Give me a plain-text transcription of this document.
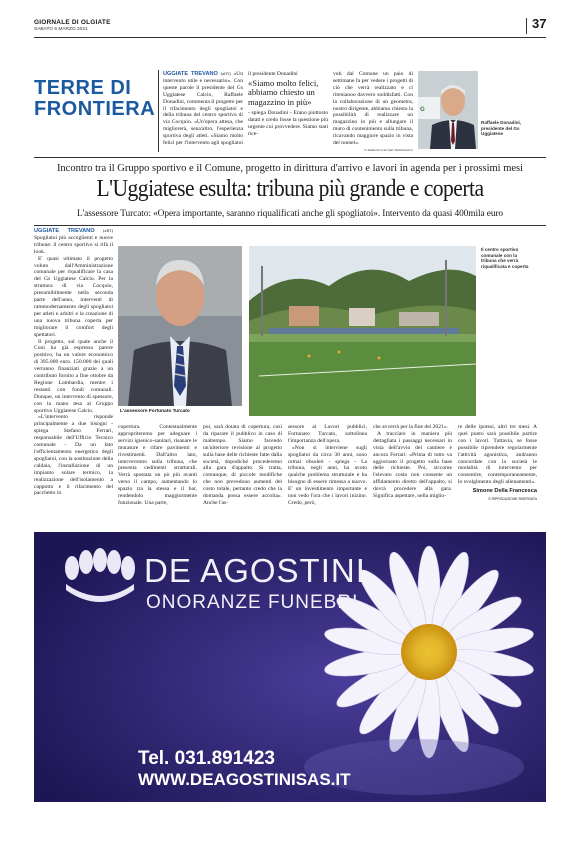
GIORNALE DI OLGIATE
SABATO 6 MARZO 2021	37
TERRE DI
FRONTIERA
UGGIATE TREVANO (afl1) «Un intervento utile e necessario». Con queste parole il presidente del Gs Uggiatese Calcio, Raffaele Donadini, commenta il progetto per il rifacimento degli spogliatoi e della tribuna del centro sportivo di via Cocquio. «Un'opera attesa, che migliorerà, sena'altro, l'esperienza sportiva degli atleti. «Siamo molto felici per l'intervento agli spogliatoi
il presidente Donadini
«Siamo molto felici, abbiamo chiesto un magazzino in più»
- spiega Donadini - Erano piuttosto datati e credo fosse la questione più urgente cui provvedere. Siamo stati rice-
vuti dal Comune un paio di settimane fa per vedere i progetti di ciò che verrà realizzato e ci ritenianoo davvero soddisfatti. Con la collaborazione di un geometra, nostro dirigente, abbiamo chiesto la possibilità di realizzare un magazzino in più e allungare il muro di contenimento sulla tribuna, ricavando maggiore spazio in vista del tunnel».
© RIPRODUZIONE RISERVATA
G
Raffaele Donadini, presidente del Gs Uggiatese
Incontro tra il Gruppo sportivo e il Comune, progetto in dirittura d'arrivo e lavori in agenda per i prossimi mesi
L'Uggiatese esulta: tribuna più grande e coperta
L'assessore Turcato: «Opera importante, saranno riqualificati anche gli spogliatoi». Intervento da quasi 400mila euro

UGGIATE TREVANO (afl1) Spogliatoi più accoglienti e nuove tribune: il centro sportivo si rifà il look.

E' quasi ultimato il progetto voluto dall'Amministrazione comunale per riqualificare la casa del Gs Uggiatese Calcio. Per la struttura di via Cocquio, presumibilmente nella seconda parte dell'anno, interventi di rammodernamento degli spogliatoi per atleti e arbitri e la creazione di una nuova tribuna coperta per migliorare il comfort degli spettatori.

Il progetto, sul quale anche il Coni ha già espresso parere positivo, ha un valore economico di 395.000 euro. 150.000 dei quali verranno finanziati grazie a un contributo fornito a fine ottobre da Regione Lombardia, mentre i restanti con fondi comunali. Dunque, un intervento di spessore, con la mano tesa al Gruppo sportivo Uggiatese Calcio.

«L'intervento risponde principalmente a due bisogni - spiega Stefano Ferrari, responsabile dell'Ufficio Tecnico comunale - Da un lato l'efficientamento energetico degli spogliatoi, con la sostituzione della caldaia, l'installazione di un impianto solare termico, la realizzazione dell'isolamento a cappotto e il rifacimento del pacchetto in

L'assessore Fortunato Turcato
Il centro sportivo comunale con la tribuna che verrà riqualificata e coperta
copertura. Contestualmente appropriteremo per adeguare i servizi igienico-sanitari, risanare le murature e rifare pavimenti e rivestimenti. Dall'altro lato, interverremo sulla tribuna, che presenta cedimenti strutturali. Verrà spostata un pò più avanti verso il campo, aumentando lo spazio tra la stessa e il bar, rendendolo maggiormente funzionale. Una parte,
poi, sarà dotata di copertura, così da riparare il pubblico in caso di maltempo. Siamo facendo un'ulteriore revisione al progetto sulla base delle richieste fatte dalla società, dopodiché procederemo alla gara d'appalto. Si tratta, comunque, di piccole modifiche che non prevedono aumenti del costo totale, pertanto credo che la domanda possa essere accolta». Anche l'as-
sessore ai Lavori pubblici, Fortunato Turcato, sottolinea l'importanza dell'opera.

«Non si interviene sugli spogliatoi da circa 30 anni, sono ormai obsoleti - spiega - La tribuna, negli anni, ha avuto qualche problema strutturale e ha bisogno di essere rimessa a nuovo. E' un investimento importante e non vedo l'ora che i lavori inizino. Credo, però,

che avverrà per la fine del 2021».

A tracciare in maniera più dettagliata i passaggi necessari in vista dell'avvio del cantiere è ancora Ferrari: «Prima di tutto va aggiornato il progetto sulla base delle richieste. Poi, siccome l'elevato costo non consente un affidamento diretto dell'appalto, si dovrà procedere alla gara. Significa aspettare, nella miglio-

re delle ipotesi, altri tre mesi. A quel punto sarà possibile partire con i lavori. Tuttavia, se fosse possibile riprendere regolarmente l'attività agonistica, andranno concordate con la società le modalità di intervento per consentire, contemporaneamente, lo svolgimento degli allenamenti».
Simone Della Francesca
© RIPRODUZIONE RISERVATA
DE AGOSTINI
ONORANZE FUNEBRI
Tel. 031.891423
WWW.DEAGOSTINISAS.IT
